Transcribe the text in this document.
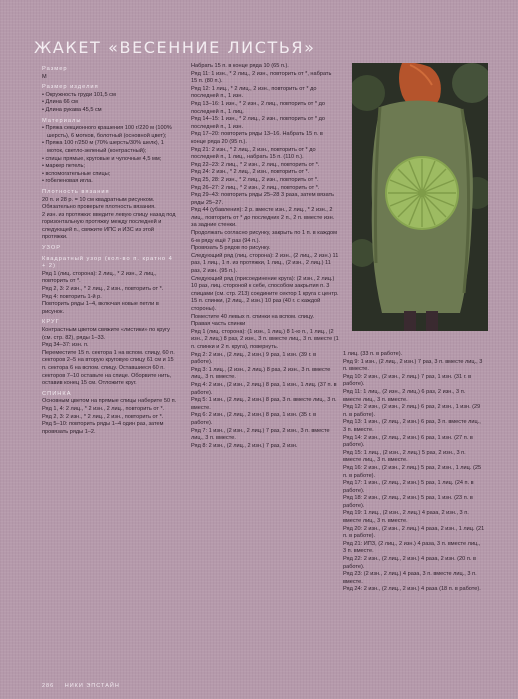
ЖАКЕТ «ВЕСЕННИЕ ЛИСТЬЯ»

Размер

М

Размер изделия

• Окружность груди 101,5 см

• Длина 66 см

• Длина рукава 45,5 см

Материалы

• Пряжа секционного крашения 100 г/220 м (100% шерсть), 6 мотков, болотный (основной цвет);

• Пряжа 100 г/250 м (70% шерсть/30% шелк), 1 моток, светло-зеленый (контрастный);

• спицы прямые, круговые и чулочные 4,5 мм;

• маркер петель;

• вспомогательные спицы;

• гобеленовая игла.

Плотность вязания

20 п. и 28 р. = 10 см квадратным рисунком. Обязательно проверьте плотность вязания.

2 изн. из протяжки: введите левую спицу назад под горизонтальную протяжку между последней и следующей п., свяжите ИПС и ИЗС из этой протяжки.

УЗОР

Квадратный узор (кол-во п. кратно 4 + 2)

Ряд 1 (лиц. сторона): 2 лиц., * 2 изн., 2 лиц., повторить от *.

Ряд 2, 3: 2 изн., * 2 лиц., 2 изн., повторить от *.

Ряд 4: повторить 1-й р.

Повторить ряды 1–4, включая новые петли в рисунок.

КРУГ

Контрастным цветом свяжите «листики» по кругу (см. стр. 82), ряды 1–33.

Ряд 34–37: изн. п.

Переместите 15 п. сектора 1 на вспом. спицу, 60 п. секторов 2–5 на вторую круговую спицу 61 см и 15 п. сектора 6 на вспом. спицу. Оставшиеся 60 п. секторов 7–10 оставьте на спице. Оборвите нить, оставив конец 15 см. Отложите круг.

СПИНКА

Основным цветом на прямые спицы наберите 50 п.

Ряд 1, 4: 2 лиц., * 2 изн., 2 лиц., повторить от *.

Ряд 2, 3: 2 изн., * 2 лиц., 2 изн., повторить от *.

Ряд 5–10: повторить ряды 1–4 один раз, затем провязать ряды 1–2.

Набрать 15 п. в конце ряда 10 (65 п.).

Ряд 11: 1 изн., * 2 лиц., 2 изн., повторить от *, набрать 15 п. (80 п.).

Ряд 12: 1 лиц., * 2 лиц., 2 изн., повторить от * до последней п., 1 изн.

Ряд 13–16: 1 изн., * 2 изн., 2 лиц., повторить от * до последней п., 1 лиц.

Ряд 14–15: 1 изн., * 2 лиц., 2 изн., повторить от * до последней п., 1 изн.

Ряд 17–20: повторить ряды 13–16. Набрать 15 п. в конце ряда 20 (95 п.).

Ряд 21: 2 изн., * 2 лиц., 2 изн., повторить от * до последней п., 1 лиц., набрать 15 п. (110 п.).

Ряд 22–23: 2 лиц., * 2 изн., 2 лиц., повторить от *.

Ряд 24: 2 изн., * 2 лиц., 2 изн., повторить от *.

Ряд 25, 28: 2 изн., * 2 лиц., 2 изн., повторить от *.

Ряд 26–27: 2 лиц., * 2 изн., 2 лиц., повторить от *.

Ряд 29–43: повторить ряды 25–28 3 раза, затем вязать ряды 25–27.

Ряд 44 (убавления): 2 р. вместе изн., 2 лиц., * 2 изн., 2 лиц., повторить от * до последних 2 п., 2 п. вместе изн. за задние стенки.

Продолжать согласно рисунку, закрыть по 1 п. в каждом 6-м ряду ещё 7 раз (94 п.).

Провязать 5 рядов по рисунку.

Следующий ряд (лиц. сторона): 2 изн., (2 лиц., 2 изн.) 11 раз, 1 лиц., 1 п. из протяжки, 1 лиц., (2 изн., 2 лиц.) 11 раз, 2 изн. (95 п.).

Следующий ряд (присоединение круга): (2 изн., 2 лиц.) 10 раз, лиц. стороной к себе, способом закрытия п. 3 спицами (см. стр. 213) соедините сектор 1 круга с центр. 15 п. спинки, (2 лиц., 2 изн.) 10 раз (40 г. с каждой стороны).

Поместите 40 левых п. спинки на вспом. спицу.

Правая часть спинки

Ряд 1 (лиц. сторона): (1 изн., 1 лиц.) 8 1-ю п., 1 лиц., (2 изн., 2 лиц.) 8 раз, 2 изн., 3 п. вместе лиц., 3 п. вместе (1 п. спинки и 2 п. круга), повернуть.

Ряд 2: 2 изн., (2 лиц., 2 изн.) 9 раз, 1 изн. (39 г. в работе).

Ряд 3: 1 лиц., (2 изн., 2 лиц.) 8 раз, 2 изн., 3 п. вместе лиц., 3 п. вместе.

Ряд 4: 2 изн., (2 изн., 2 лиц.) 8 раз, 1 изн., 1 лиц. (37 п. в работе).

Ряд 5: 1 изн., (2 лиц., 2 изн.) 8 раз, 3 п. вместе лиц., 3 п. вместе.

Ряд 6: 2 изн., (2 лиц., 2 изн.) 8 раз, 1 изн. (35 г. в работе).

Ряд 7: 1 изн., (2 изн., 2 лиц.) 7 раз, 2 изн., 3 п. вместе лиц., 3 п. вместе.

Ряд 8: 2 изн., (2 лиц., 2 изн.) 7 раз, 2 изн.

1 лиц. (33 п. в работе).

Ряд 9: 1 изн., (2 лиц., 2 изн.) 7 раз, 3 п. вместе лиц., 3 п. вместе.

Ряд 10: 2 изн., (2 изн., 2 лиц.) 7 раз, 1 изн. (31 г. в работе).

Ряд 11: 1 лиц., (2 изн., 2 лиц.) 6 раз, 2 изн., 3 п. вместе лиц., 3 п. вместе.

Ряд 12: 2 изн., (2 изн., 2 лиц.) 6 раз, 2 изн., 1 изн. (29 п. в работе).

Ряд 13: 1 изн., (2 лиц., 2 изн.) 6 раз, 3 п. вместе лиц., 3 п. вместе.

Ряд 14: 2 изн., (2 лиц., 2 изн.) 6 раз, 1 изн. (27 п. в работе).

Ряд 15: 1 лиц., (2 изн., 2 лиц.) 5 раз, 2 изн., 3 п. вместе лиц., 3 п. вместе.

Ряд 16: 2 изн., (2 изн., 2 лиц.) 5 раз, 2 изн., 1 лиц. (25 п. в работе).

Ряд 17: 1 изн., (2 лиц., 2 изн.) 5 раз, 1 лиц. (24 п. в работе).

Ряд 18: 2 изн., (2 лиц., 2 изн.) 5 раз, 1 изн. (23 п. в работе).

Ряд 19: 1 лиц., (2 изн., 2 лиц.) 4 раза, 2 изн., 3 п. вместе лиц., 3 п. вместе.

Ряд 20: 2 изн., (2 изн., 2 лиц.) 4 раза, 2 изн., 1 лиц. (21 п. в работе).

Ряд 21: ИПЗ, (2 лиц., 2 изн.) 4 раза, 3 п. вместе лиц., 3 п. вместе.

Ряд 22: 2 изн., (2 лиц., 2 изн.) 4 раза, 2 изн. (20 п. в работе).

Ряд 23: (2 изн., 2 лиц.) 4 раза, 3 п. вместе лиц., 3 п. вместе.

Ряд 24: 2 изн., (2 лиц., 2 изн.) 4 раза (18 п. в работе).

286 НИКИ ЭПСТАЙН
